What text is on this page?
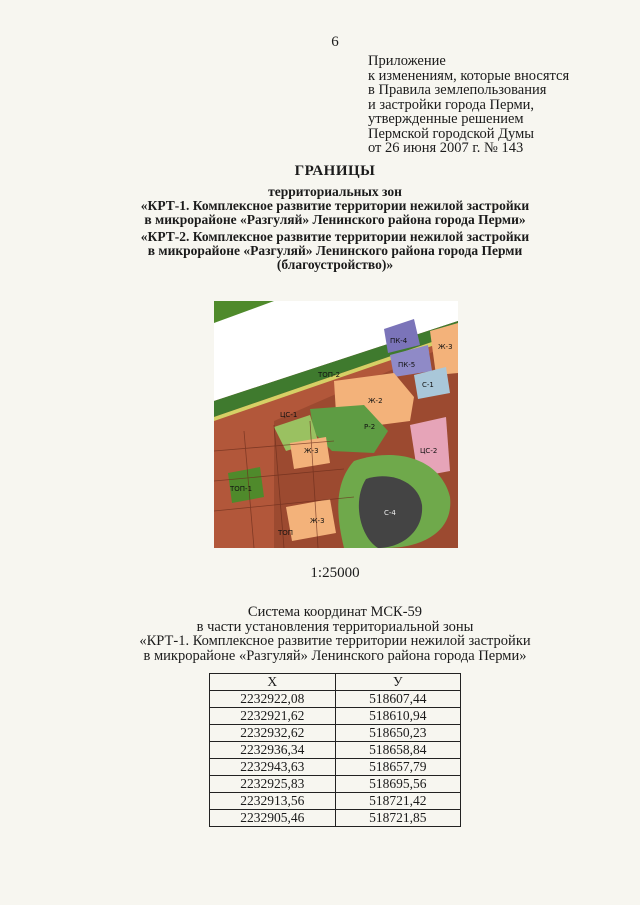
6
Приложение
к изменениям, которые вносятся
в Правила землепользования
и застройки города Перми,
утвержденные решением
Пермской городской Думы
от 26 июня 2007 г. № 143
ГРАНИЦЫ
территориальных зон
«КРТ-1. Комплексное развитие территории нежилой застройки
в микрорайоне «Разгуляй» Ленинского района города Перми»
«КРТ-2. Комплексное развитие территории нежилой застройки
в микрорайоне «Разгуляй» Ленинского района города Перми
(благоустройство)»
ПК-4
ПК-5
Ж-3
С-1
ТОП-2
Ж-2
Р-2
ЦС-2
ЦС-1
Ж-3
ТОП-1
С-4
Ж-3
ТОП
1:25000
Система координат МСК-59
в части установления территориальной зоны
«КРТ-1. Комплексное развитие территории нежилой застройки
в микрорайоне «Разгуляй» Ленинского района города Перми»
Х	У
2232922,08	518607,44
2232921,62	518610,94
2232932,62	518650,23
2232936,34	518658,84
2232943,63	518657,79
2232925,83	518695,56
2232913,56	518721,42
2232905,46	518721,85
